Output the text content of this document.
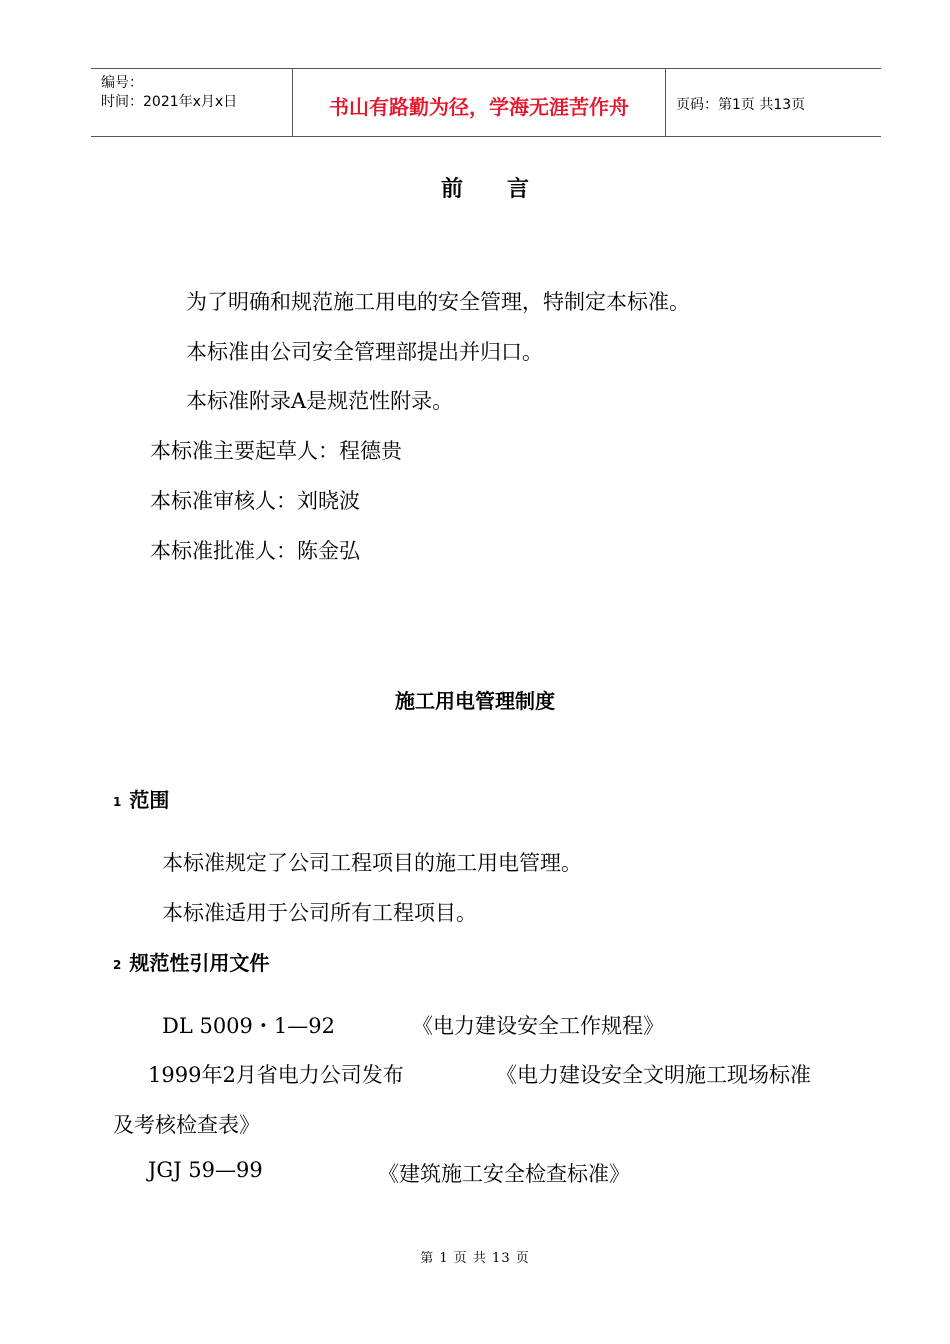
编号：
时间：2021年x月x日	书山有路勤为径，学海无涯苦作舟	页码：第1页 共13页
前　　言
为了明确和规范施工用电的安全管理，特制定本标准。
本标准由公司安全管理部提出并归口。
本标准附录A是规范性附录。
本标准主要起草人：程德贵
本标准审核人：刘晓波
本标准批准人：陈金弘
施工用电管理制度
1 范围
本标准规定了公司工程项目的施工用电管理。
本标准适用于公司所有工程项目。
2 规范性引用文件
DL 5009・1—92	《电力建设安全工作规程》
1999年2月省电力公司发布	《电力建设安全文明施工现场标准
及考核检查表》
JGJ 59—99	《建筑施工安全检查标准》
第 1 页 共 13 页
